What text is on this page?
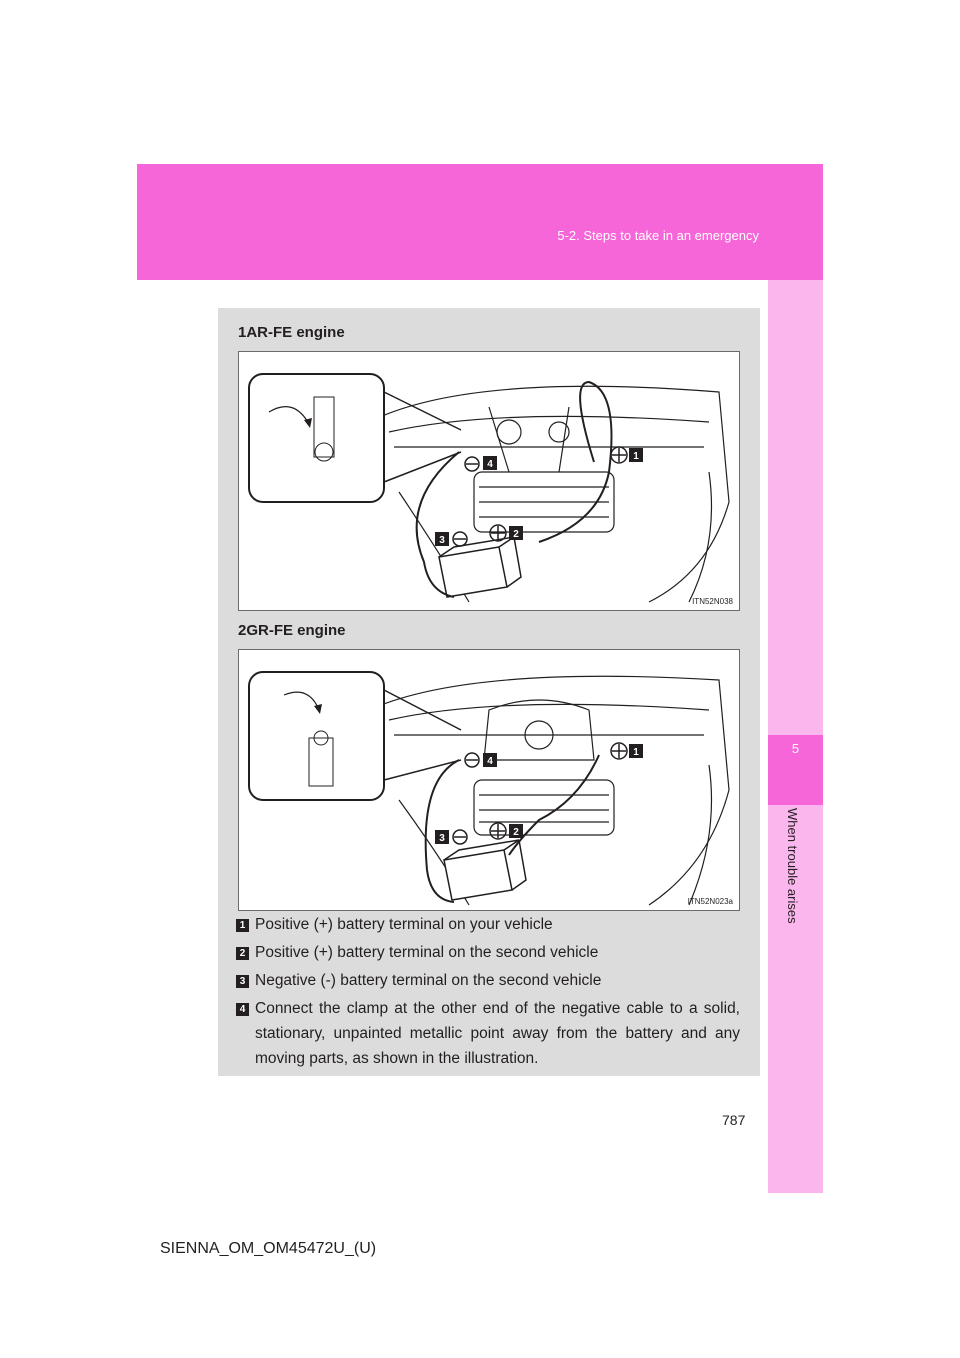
5-2. Steps to take in an emergency
5
When trouble arises
1AR-FE engine
4
1
3
2
ITN52N038
2GR-FE engine
4
1
3
2
ITN52N023a
1 Positive (+) battery terminal on your vehicle
2 Positive (+) battery terminal on the second vehicle
3 Negative (-) battery terminal on the second vehicle
4 Connect the clamp at the other end of the negative cable to a solid, stationary, unpainted metallic point away from the battery and any moving parts, as shown in the illustration.
787
SIENNA_OM_OM45472U_(U)
